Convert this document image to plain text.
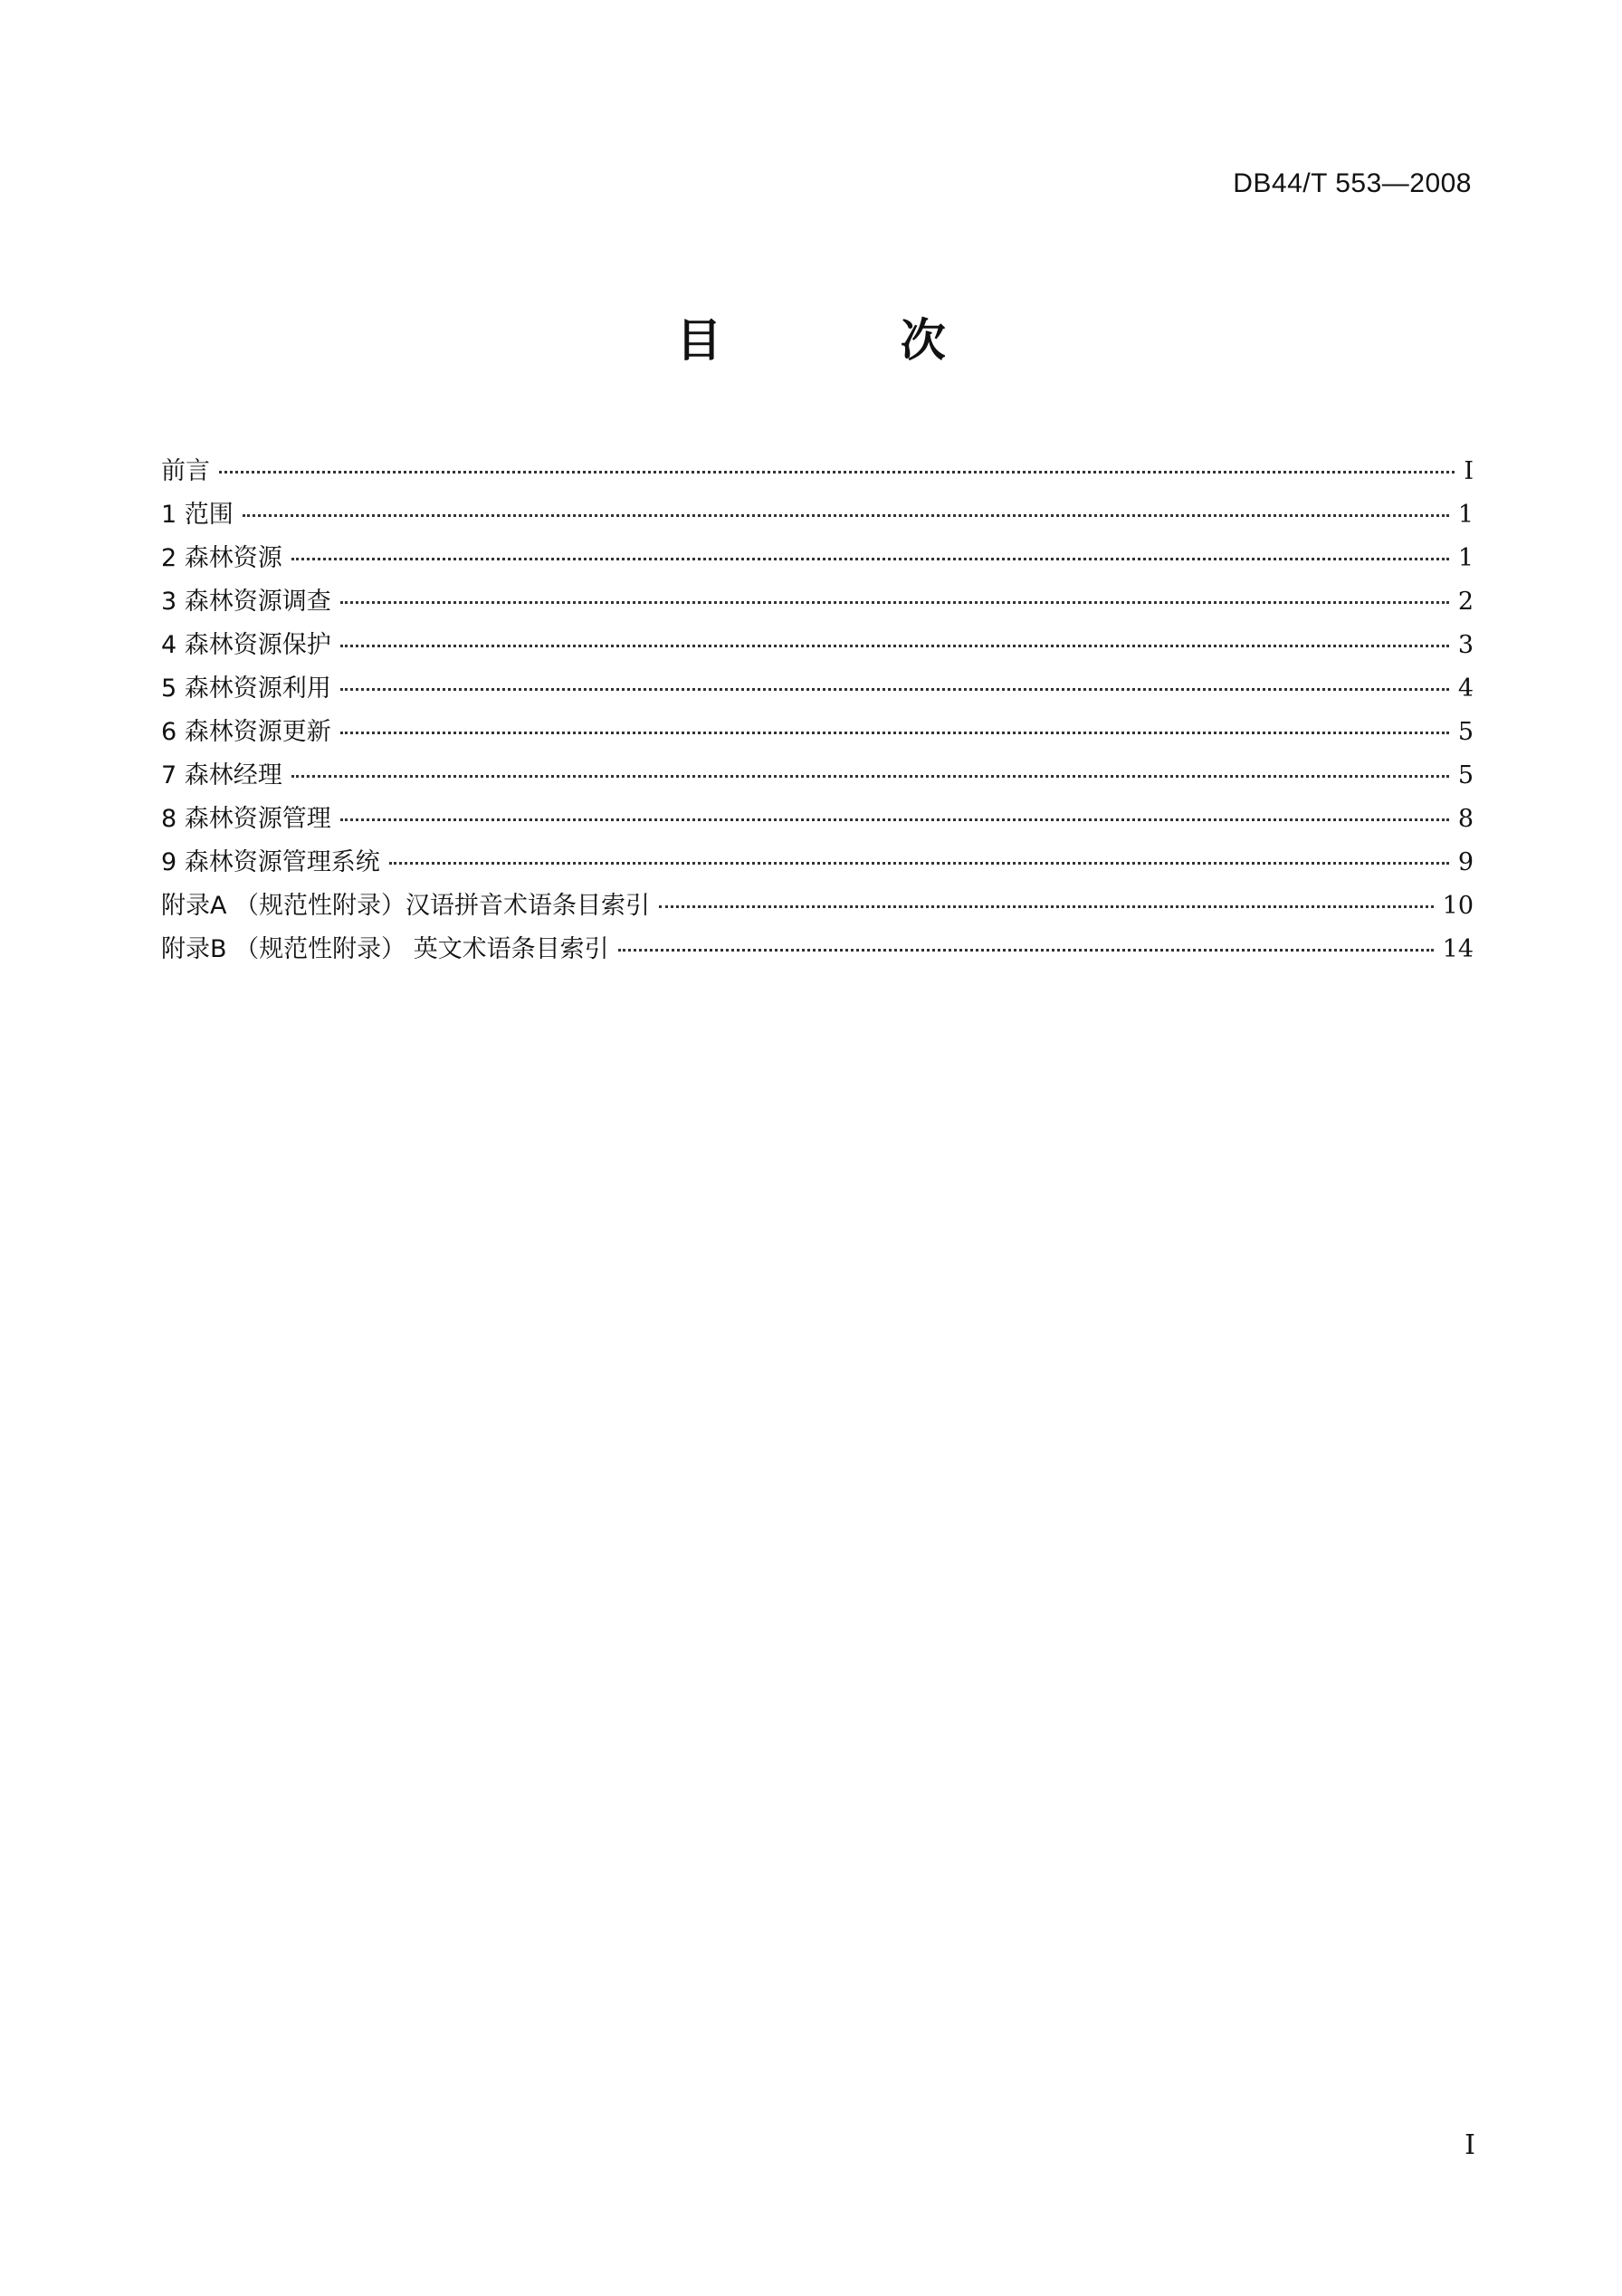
DB44/T 553—2008
目 次
前言	I
1 范围	1
2 森林资源	1
3 森林资源调查	2
4 森林资源保护	3
5 森林资源利用	4
6 森林资源更新	5
7 森林经理	5
8 森林资源管理	8
9 森林资源管理系统	9
附录A （规范性附录）汉语拼音术语条目索引	10
附录B （规范性附录） 英文术语条目索引	14
I
